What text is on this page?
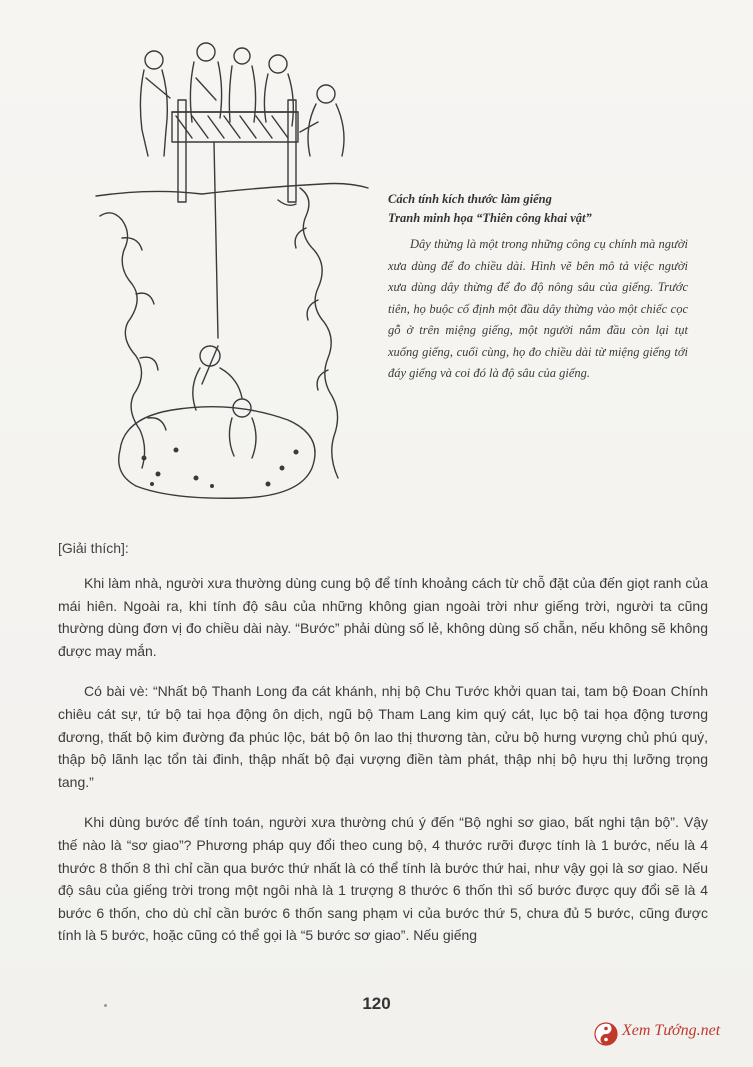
Cách tính kích thước làm giếng
Tranh minh họa “Thiên công khai vật”
Dây thừng là một trong những công cụ chính mà người xưa dùng để đo chiều dài. Hình vẽ bên mô tả việc người xưa dùng dây thừng để đo độ nông sâu của giếng. Trước tiên, họ buộc cố định một đầu dây thừng vào một chiếc cọc gỗ ở trên miệng giếng, một người nắm đầu còn lại tụt xuống giếng, cuối cùng, họ đo chiều dài từ miệng giếng tới đáy giếng và coi đó là độ sâu của giếng.
[Giải thích]:

Khi làm nhà, người xưa thường dùng cung bộ để tính khoảng cách từ chỗ đặt của đến giọt ranh của mái hiên. Ngoài ra, khi tính độ sâu của những không gian ngoài trời như giếng trời, người ta cũng thường dùng đơn vị đo chiều dài này. “Bước” phải dùng số lẻ, không dùng số chẵn, nếu không sẽ không được may mắn.

Có bài vè: “Nhất bộ Thanh Long đa cát khánh, nhị bộ Chu Tước khởi quan tai, tam bộ Đoan Chính chiêu cát sự, tứ bộ tai họa động ôn dịch, ngũ bộ Tham Lang kim quý cát, lục bộ tai họa động tương đương, thất bộ kim đường đa phúc lộc, bát bộ ôn lao thị thương tàn, cửu bộ hưng vượng chủ phú quý, thập bộ lãnh lạc tổn tài đinh, thập nhất bộ đại vượng điền tàm phát, thập nhị bộ hựu thị lưỡng trọng tang.”

Khi dùng bước để tính toán, người xưa thường chú ý đến “Bộ nghi sơ giao, bất nghi tận bộ”. Vậy thế nào là “sơ giao”? Phương pháp quy đổi theo cung bộ, 4 thước rưỡi được tính là 1 bước, nếu là 4 thước 8 thốn 8 thì chỉ cần qua bước thứ nhất là có thể tính là bước thứ hai, như vậy gọi là sơ giao. Nếu độ sâu của giếng trời trong một ngôi nhà là 1 trượng 8 thước 6 thốn thì số bước được quy đổi sẽ là 4 bước 6 thốn, cho dù chỉ cần bước 6 thốn sang phạm vi của bước thứ 5, chưa đủ 5 bước, cũng được tính là 5 bước, hoặc cũng có thể gọi là “5 bước sơ giao”. Nếu giếng

120
Xem Tướng.net
